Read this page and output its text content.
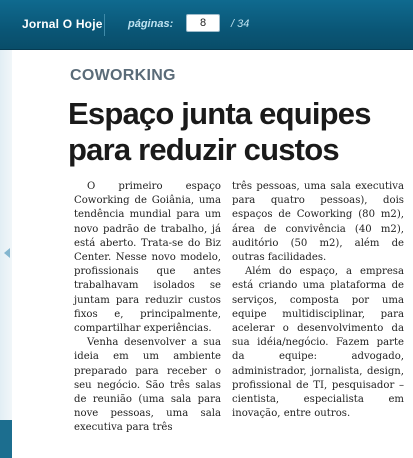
Jornal O Hoje páginas:
8	/ 34
COWORKING
Espaço junta equipes para reduzir custos

O primeiro espaço Coworking de Goiânia, uma tendência mundial para um novo padrão de trabalho, já está aberto. Trata-se do Biz Center. Nesse novo modelo, profissionais que antes trabalhavam isolados se juntam para reduzir custos fixos e, principalmente, compartilhar experiências.

Venha desenvolver a sua ideia em um ambiente preparado para receber o seu negócio. São três salas de reunião (uma sala para nove pessoas, uma sala executiva para três

três pessoas, uma sala executiva para quatro pessoas), dois espaços de Coworking (80 m2), área de convivência (40 m2), auditório (50 m2), além de outras facilidades.

Além do espaço, a empresa está criando uma plataforma de serviços, composta por uma equipe multidisciplinar, para acelerar o desenvolvimento da sua idéia/negócio. Fazem parte da equipe: advogado, administrador, jornalista, design, profissional de TI, pesquisador – cientista, especialista em inovação, entre outros.
